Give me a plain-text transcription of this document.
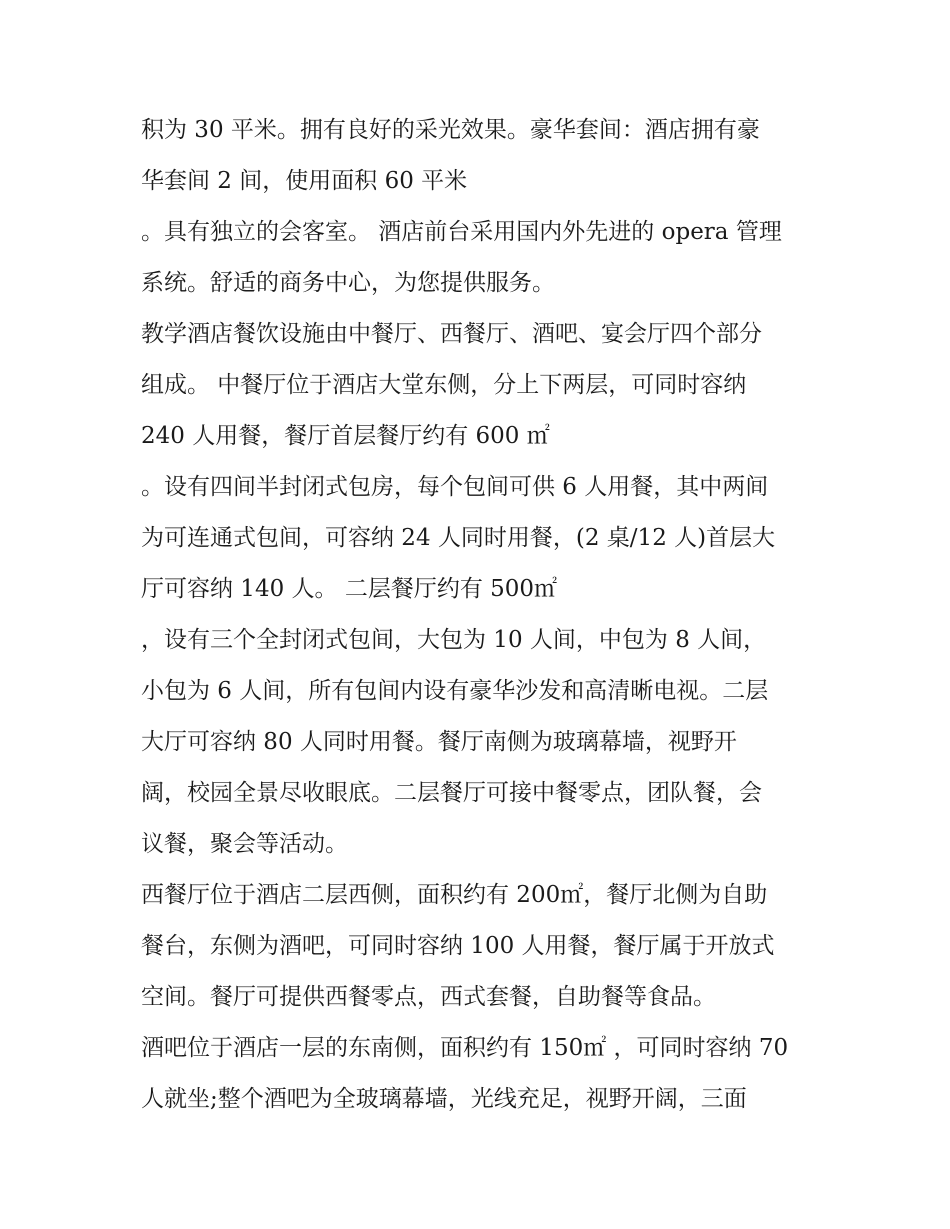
积为 30 平米。拥有良好的采光效果。豪华套间：酒店拥有豪
华套间 2 间，使用面积 60 平米
。具有独立的会客室。 酒店前台采用国内外先进的 opera 管理
系统。舒适的商务中心，为您提供服务。
教学酒店餐饮设施由中餐厅、西餐厅、酒吧、宴会厅四个部分
组成。 中餐厅位于酒店大堂东侧，分上下两层，可同时容纳
240 人用餐，餐厅首层餐厅约有 600 ㎡
。设有四间半封闭式包房，每个包间可供 6 人用餐，其中两间
为可连通式包间，可容纳 24 人同时用餐，(2 桌/12 人)首层大
厅可容纳 140 人。 二层餐厅约有 500㎡
，设有三个全封闭式包间，大包为 10 人间，中包为 8 人间，
小包为 6 人间，所有包间内设有豪华沙发和高清晰电视。二层
大厅可容纳 80 人同时用餐。餐厅南侧为玻璃幕墙，视野开
阔，校园全景尽收眼底。二层餐厅可接中餐零点，团队餐，会
议餐，聚会等活动。
西餐厅位于酒店二层西侧，面积约有 200㎡，餐厅北侧为自助
餐台，东侧为酒吧，可同时容纳 100 人用餐，餐厅属于开放式
空间。餐厅可提供西餐零点，西式套餐，自助餐等食品。
酒吧位于酒店一层的东南侧，面积约有 150㎡ ，可同时容纳 70
人就坐;整个酒吧为全玻璃幕墙，光线充足，视野开阔，三面
